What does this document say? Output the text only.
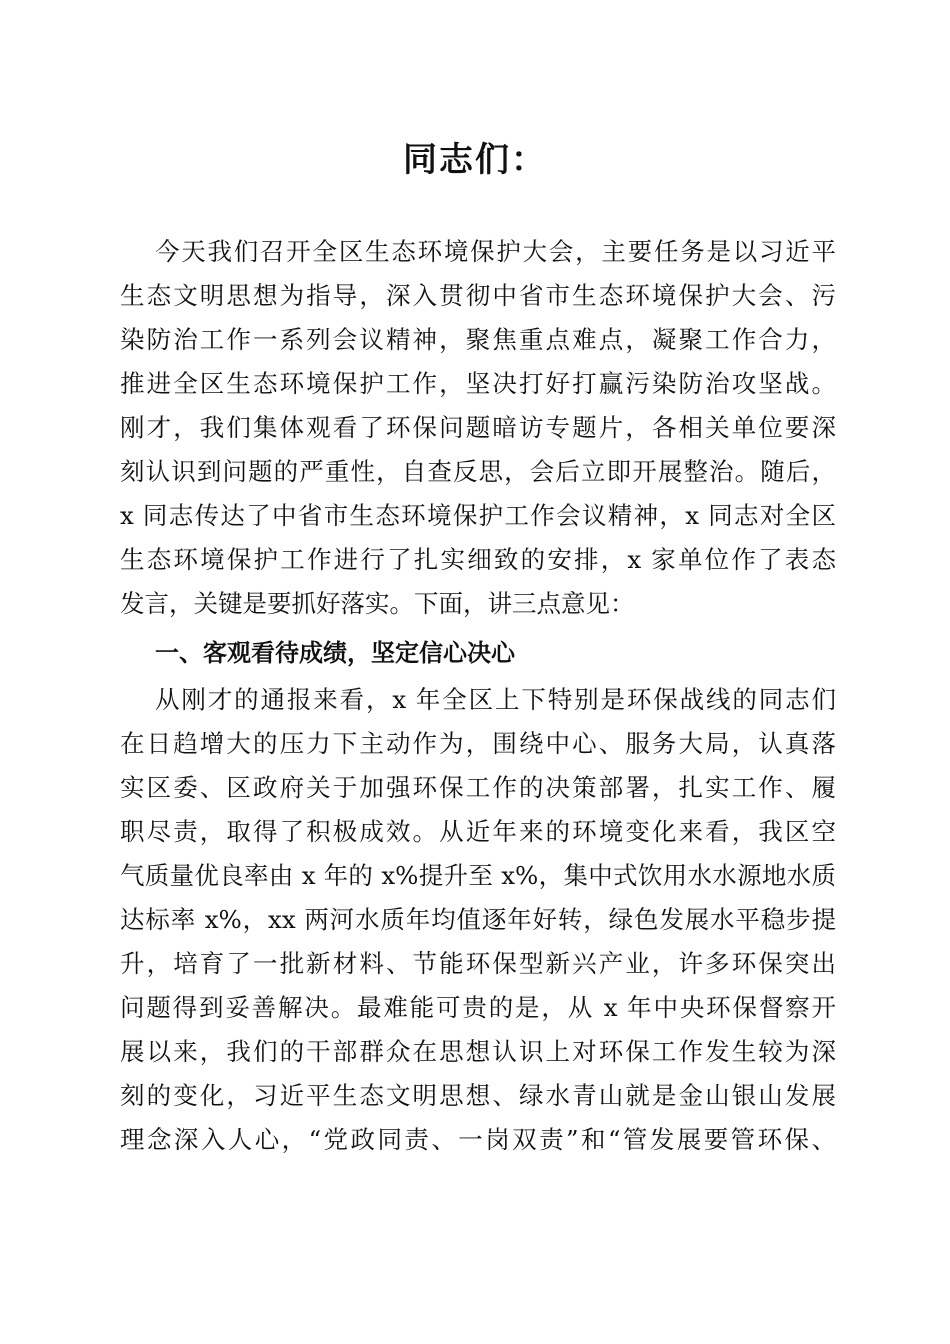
同志们：
今天我们召开全区生态环境保护大会，主要任务是以习近平
生态文明思想为指导，深入贯彻中省市生态环境保护大会、污
染防治工作一系列会议精神，聚焦重点难点，凝聚工作合力，
推进全区生态环境保护工作，坚决打好打赢污染防治攻坚战。
刚才，我们集体观看了环保问题暗访专题片，各相关单位要深
刻认识到问题的严重性，自查反思，会后立即开展整治。随后，
x 同志传达了中省市生态环境保护工作会议精神，x 同志对全区
生态环境保护工作进行了扎实细致的安排，x 家单位作了表态
发言，关键是要抓好落实。下面，讲三点意见：
一、客观看待成绩，坚定信心决心
从刚才的通报来看，x 年全区上下特别是环保战线的同志们
在日趋增大的压力下主动作为，围绕中心、服务大局，认真落
实区委、区政府关于加强环保工作的决策部署，扎实工作、履
职尽责，取得了积极成效。从近年来的环境变化来看，我区空
气质量优良率由 x 年的 x%提升至 x%，集中式饮用水水源地水质
达标率 x%，xx 两河水质年均值逐年好转，绿色发展水平稳步提
升，培育了一批新材料、节能环保型新兴产业，许多环保突出
问题得到妥善解决。最难能可贵的是，从 x 年中央环保督察开
展以来，我们的干部群众在思想认识上对环保工作发生较为深
刻的变化，习近平生态文明思想、绿水青山就是金山银山发展
理念深入人心，“党政同责、一岗双责”和“管发展要管环保、
